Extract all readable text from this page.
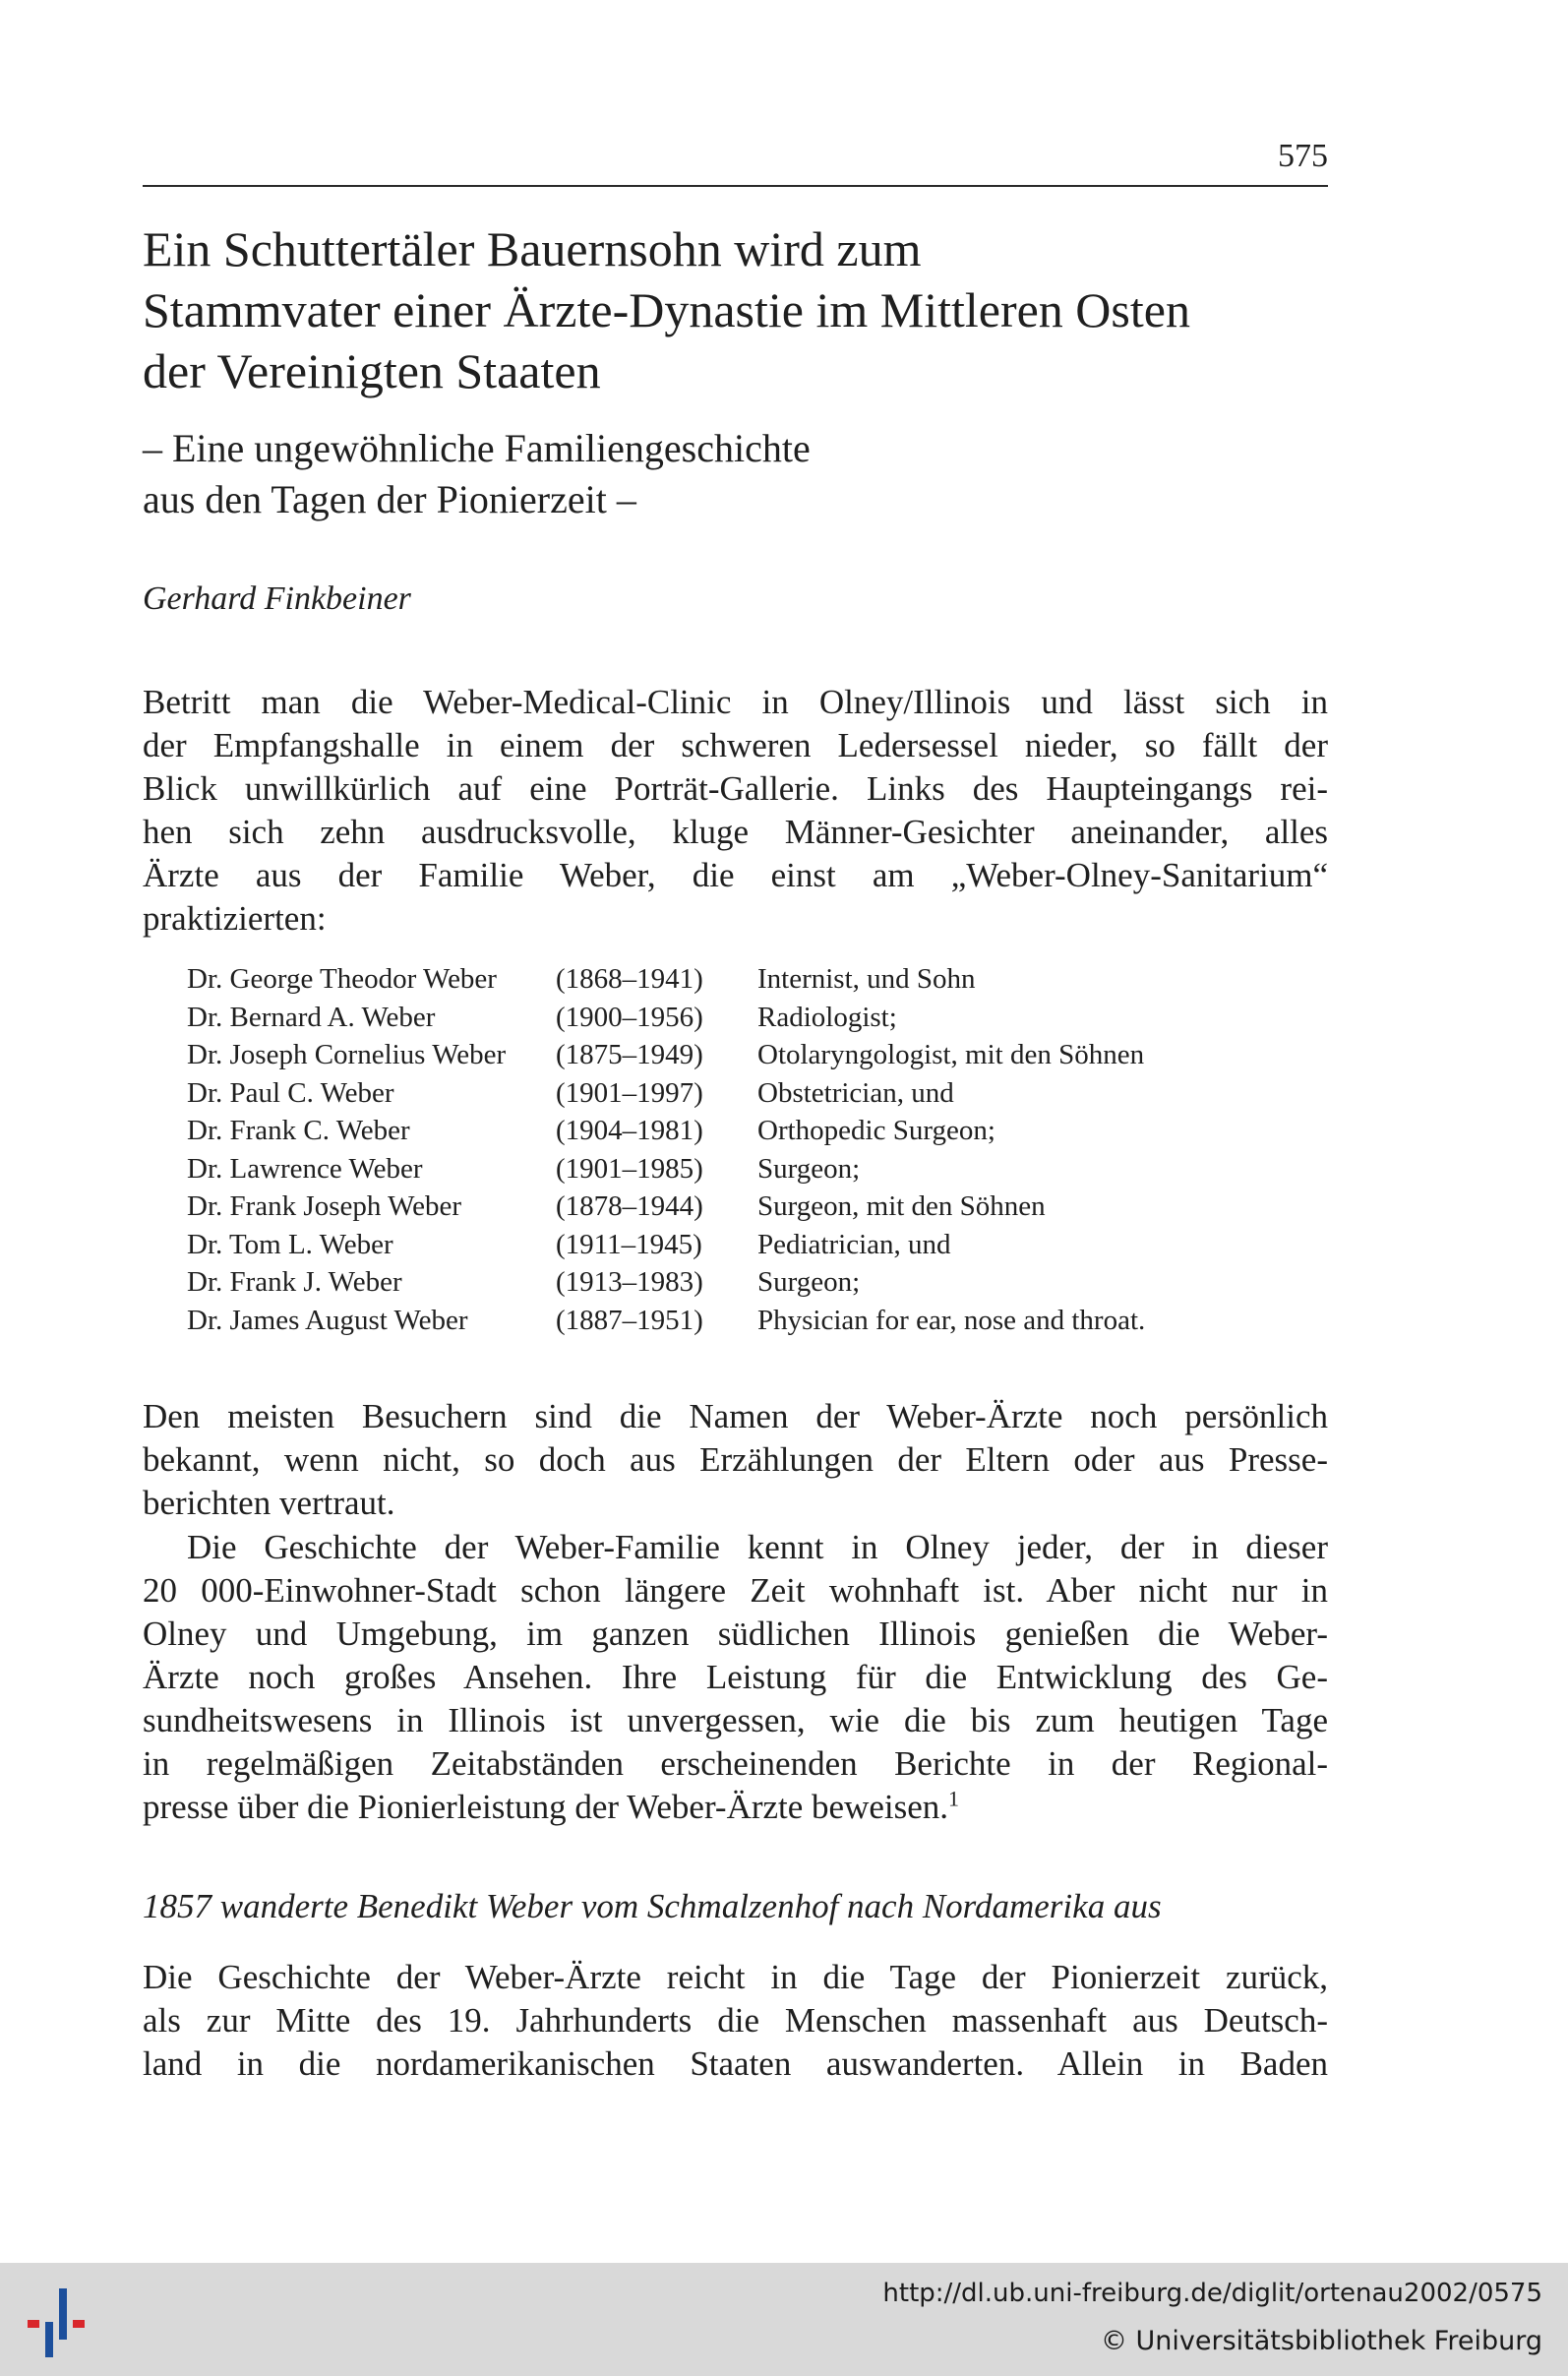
575
Ein Schuttertäler Bauernsohn wird zum
Stammvater einer Ärzte-Dynastie im Mittleren Osten
der Vereinigten Staaten
– Eine ungewöhnliche Familiengeschichte
aus den Tagen der Pionierzeit –
Gerhard Finkbeiner
Betritt man die Weber-Medical-Clinic in Olney/Illinois und lässt sich in
der Empfangshalle in einem der schweren Ledersessel nieder, so fällt der
Blick unwillkürlich auf eine Porträt-Gallerie. Links des Haupteingangs rei-
hen sich zehn ausdrucksvolle, kluge Männer-Gesichter aneinander, alles
Ärzte aus der Familie Weber, die einst am „Weber-Olney-Sanitarium“
praktizierten:
Dr. George Theodor Weber	(1868–1941)	Internist, und Sohn
Dr. Bernard A. Weber	(1900–1956)	Radiologist;
Dr. Joseph Cornelius Weber	(1875–1949)	Otolaryngologist, mit den Söhnen
Dr. Paul C. Weber	(1901–1997)	Obstetrician, und
Dr. Frank C. Weber	(1904–1981)	Orthopedic Surgeon;
Dr. Lawrence Weber	(1901–1985)	Surgeon;
Dr. Frank Joseph Weber	(1878–1944)	Surgeon, mit den Söhnen
Dr. Tom L. Weber	(1911–1945)	Pediatrician, und
Dr. Frank J. Weber	(1913–1983)	Surgeon;
Dr. James August Weber	(1887–1951)	Physician for ear, nose and throat.
Den meisten Besuchern sind die Namen der Weber-Ärzte noch persönlich
bekannt, wenn nicht, so doch aus Erzählungen der Eltern oder aus Presse-
berichten vertraut.
Die Geschichte der Weber-Familie kennt in Olney jeder, der in dieser
20 000-Einwohner-Stadt schon längere Zeit wohnhaft ist. Aber nicht nur in
Olney und Umgebung, im ganzen südlichen Illinois genießen die Weber-
Ärzte noch großes Ansehen. Ihre Leistung für die Entwicklung des Ge-
sundheitswesens in Illinois ist unvergessen, wie die bis zum heutigen Tage
in regelmäßigen Zeitabständen erscheinenden Berichte in der Regional-
presse über die Pionierleistung der Weber-Ärzte beweisen.$^1$
1857 wanderte Benedikt Weber vom Schmalzenhof nach Nordamerika aus
Die Geschichte der Weber-Ärzte reicht in die Tage der Pionierzeit zurück,
als zur Mitte des 19. Jahrhunderts die Menschen massenhaft aus Deutsch-
land in die nordamerikanischen Staaten auswanderten. Allein in Baden
http://dl.ub.uni-freiburg.de/diglit/ortenau2002/0575
© Universitätsbibliothek Freiburg
